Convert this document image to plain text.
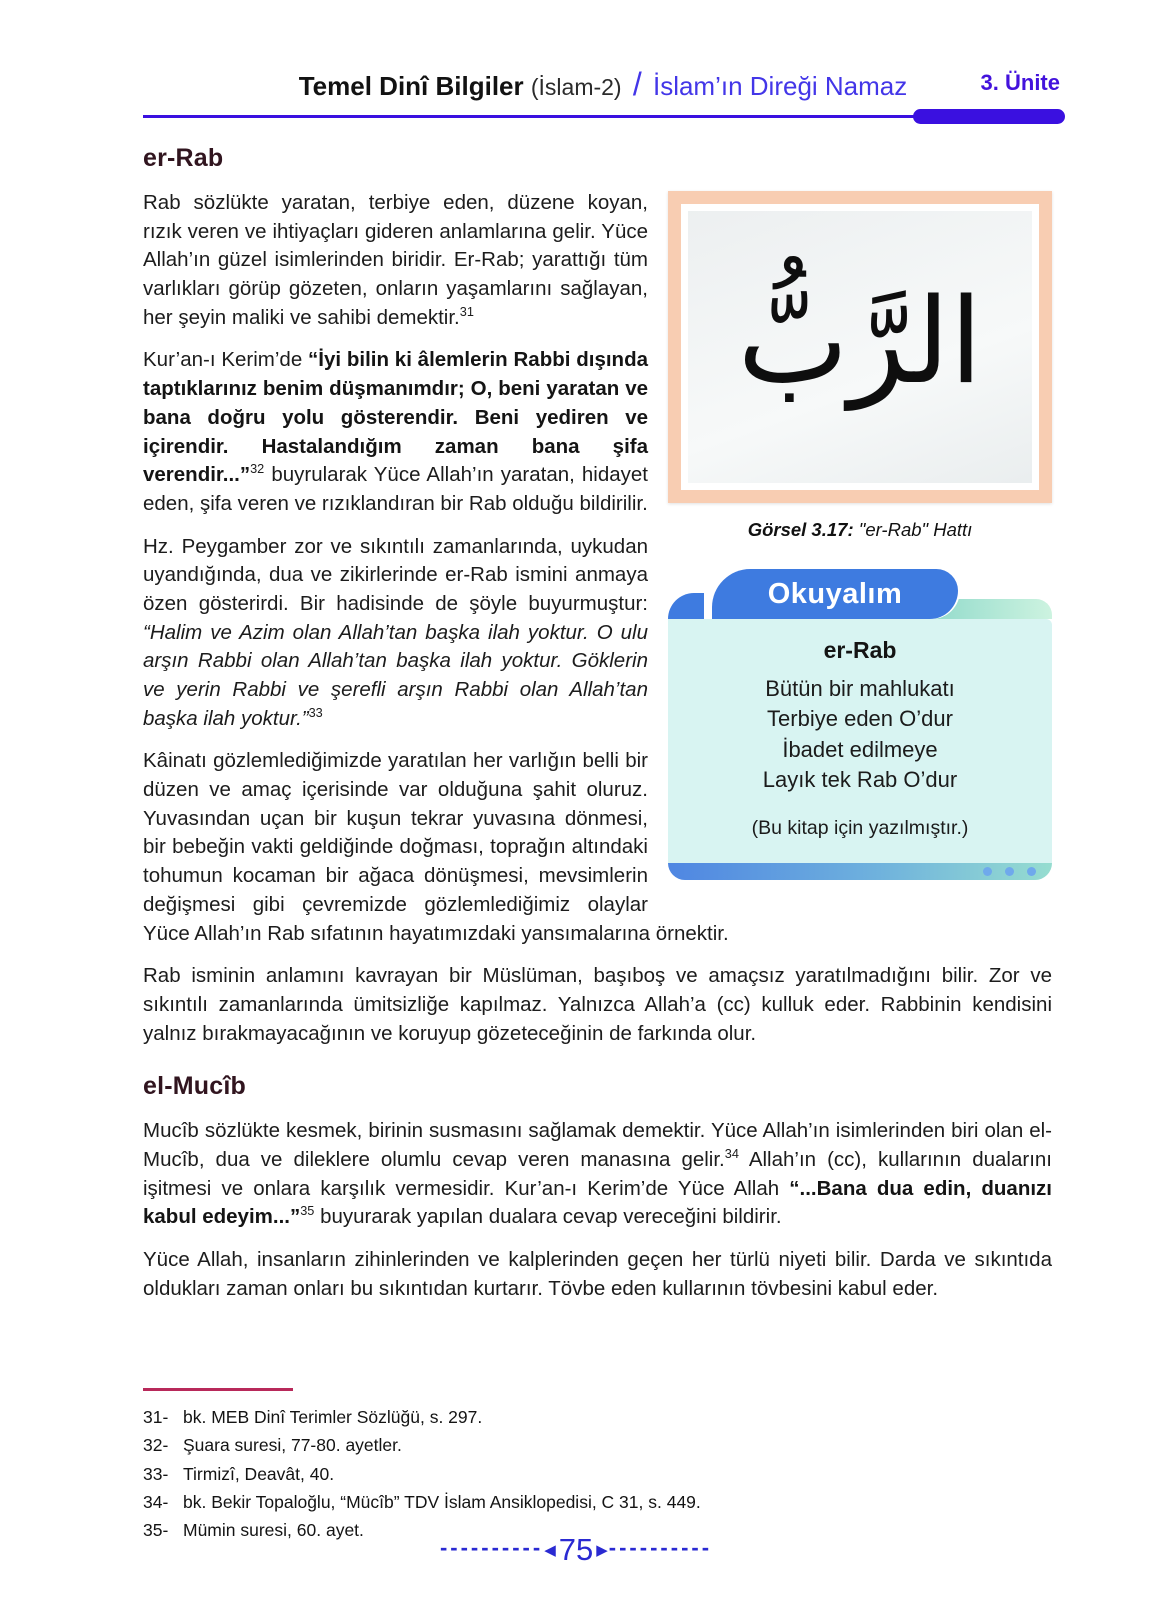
Temel Dinî Bilgiler (İslam-2) / İslam’ın Direği Namaz	3. Ünite
er-Rab
الرَّبُّ
Görsel 3.17: "er-Rab" Hattı
Okuyalım
er-Rab
Bütün bir mahlukatı
Terbiye eden O’dur
İbadet edilmeye
Layık tek Rab O’dur
(Bu kitap için yazılmıştır.)

Rab sözlükte yaratan, terbiye eden, düzene koyan, rızık veren ve ihtiyaçları gideren anlamlarına gelir. Yüce Allah’ın güzel isimlerinden biridir. Er-Rab; yarattığı tüm varlıkları görüp gözeten, onların yaşamlarını sağlayan, her şeyin maliki ve sahibi demektir.$^{31}$

Kur’an-ı Kerim’de “İyi bilin ki âlemlerin Rabbi dışında taptıklarınız benim düşmanımdır; O, beni yaratan ve bana doğru yolu gösterendir. Beni yediren ve içirendir. Hastalandığım zaman bana şifa verendir...”$^{32}$ buyrularak Yüce Allah’ın yaratan, hidayet eden, şifa veren ve rızıklandıran bir Rab olduğu bildirilir.

Hz. Peygamber zor ve sıkıntılı zamanlarında, uykudan uyandığında, dua ve zikirlerinde er-Rab ismini anmaya özen gösterirdi. Bir hadisinde de şöyle buyurmuştur: “Halim ve Azim olan Allah’tan başka ilah yoktur. O ulu arşın Rabbi olan Allah’tan başka ilah yoktur. Göklerin ve yerin Rabbi ve şerefli arşın Rabbi olan Allah’tan başka ilah yoktur.”$^{33}$

Kâinatı gözlemlediğimizde yaratılan her varlığın belli bir düzen ve amaç içerisinde var olduğuna şahit oluruz. Yuvasından uçan bir kuşun tekrar yuvasına dönmesi, bir bebeğin vakti geldiğinde doğması, toprağın altındaki tohumun kocaman bir ağaca dönüşmesi, mevsimlerin değişmesi gibi çevremizde gözlemlediğimiz olaylar Yüce Allah’ın Rab sıfatının hayatımızdaki yansımalarına örnektir.

Rab isminin anlamını kavrayan bir Müslüman, başıboş ve amaçsız yaratılmadığını bilir. Zor ve sıkıntılı zamanlarında ümitsizliğe kapılmaz. Yalnızca Allah’a (cc) kulluk eder. Rabbinin kendisini yalnız bırakmayacağının ve koruyup gözeteceğinin de farkında olur.

el-Mucîb

Mucîb sözlükte kesmek, birinin susmasını sağlamak demektir. Yüce Allah’ın isimlerinden biri olan el-Mucîb, dua ve dileklere olumlu cevap veren manasına gelir.$^{34}$ Allah’ın (cc), kullarının dualarını işitmesi ve onlara karşılık vermesidir. Kur’an-ı Kerim’de Yüce Allah “...Bana dua edin, duanızı kabul edeyim...”$^{35}$ buyurarak yapılan dualara cevap vereceğini bildirir.

Yüce Allah, insanların zihinlerinden ve kalplerinden geçen her türlü niyeti bilir. Darda ve sıkıntıda oldukları zaman onları bu sıkıntıdan kurtarır. Tövbe eden kullarının tövbesini kabul eder.

31- bk. MEB Dinî Terimler Sözlüğü, s. 297.
32- Şuara suresi, 77-80. ayetler.
33- Tirmizî, Deavât, 40.
34- bk. Bekir Topaloğlu, “Mücîb” TDV İslam Ansiklopedisi, C 31, s. 449.
35- Mümin suresi, 60. ayet.
---------- ◀ 75 ▶ ----------
